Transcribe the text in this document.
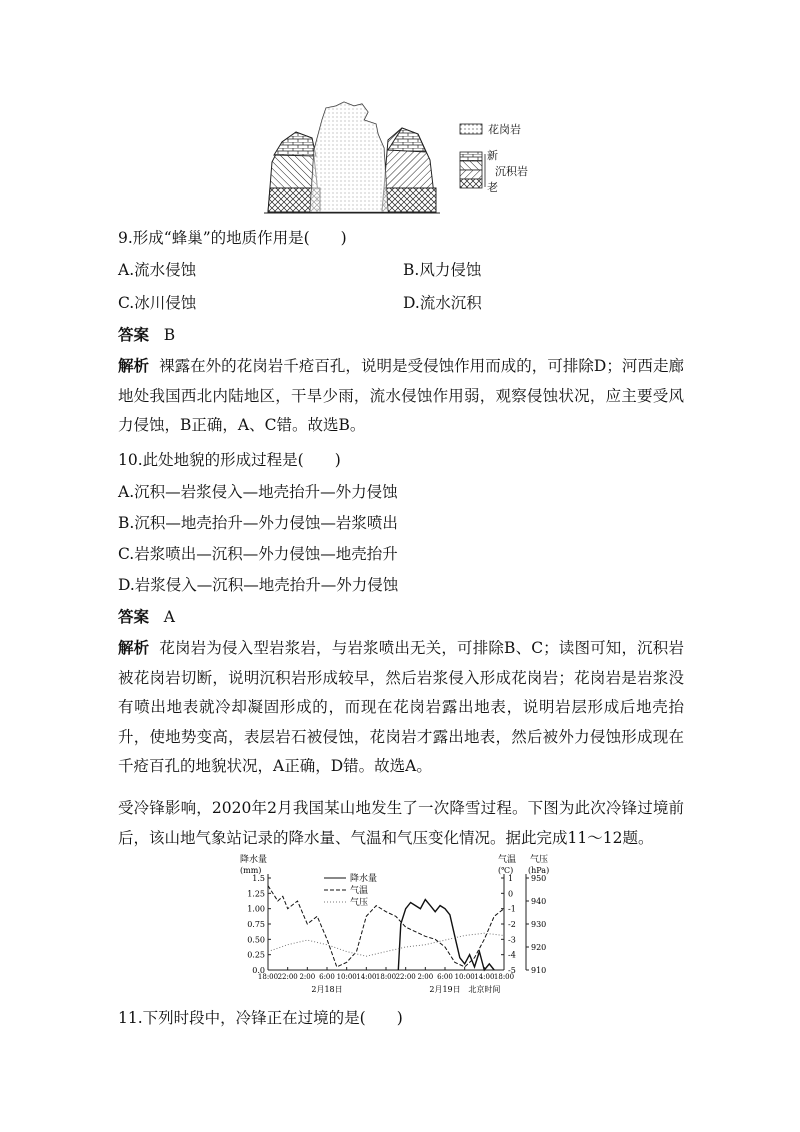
花岗岩
新
沉积岩
老
9.形成“蜂巢”的地质作用是(　　)
A.流水侵蚀	B.风力侵蚀
C.冰川侵蚀	D.流水沉积
答案 B
解析 裸露在外的花岗岩千疮百孔，说明是受侵蚀作用而成的，可排除D；河西走廊地处我国西北内陆地区，干旱少雨，流水侵蚀作用弱，观察侵蚀状况，应主要受风力侵蚀，B正确，A、C错。故选B。
10.此处地貌的形成过程是(　　)
A.沉积—岩浆侵入—地壳抬升—外力侵蚀
B.沉积—地壳抬升—外力侵蚀—岩浆喷出
C.岩浆喷出—沉积—外力侵蚀—地壳抬升
D.岩浆侵入—沉积—地壳抬升—外力侵蚀
答案 A
解析 花岗岩为侵入型岩浆岩，与岩浆喷出无关，可排除B、C；读图可知，沉积岩被花岗岩切断，说明沉积岩形成较早，然后岩浆侵入形成花岗岩；花岗岩是岩浆没有喷出地表就冷却凝固形成的，而现在花岗岩露出地表，说明岩层形成后地壳抬升，使地势变高，表层岩石被侵蚀，花岗岩才露出地表，然后被外力侵蚀形成现在千疮百孔的地貌状况，A正确，D错。故选A。
受冷锋影响，2020年2月我国某山地发生了一次降雪过程。下图为此次冷锋过境前后，该山地气象站记录的降水量、气温和气压变化情况。据此完成11～12题。
降水量
(mm)
气温
(℃)
气压
(hPa)
0.0
0.25
0.50
0.75
1.00
1.25
1.5
-5
-4
-3
-2
-1
0
1
910
920
930
940
950
18:00 22:00 2:00 6:00 10:00 14:00 18:00 22:00 2:00 6:00 10:00 14:00 18:00
2月18日	2月19日 北京时间
降水量
气温
气压
11.下列时段中，冷锋正在过境的是(　　)
